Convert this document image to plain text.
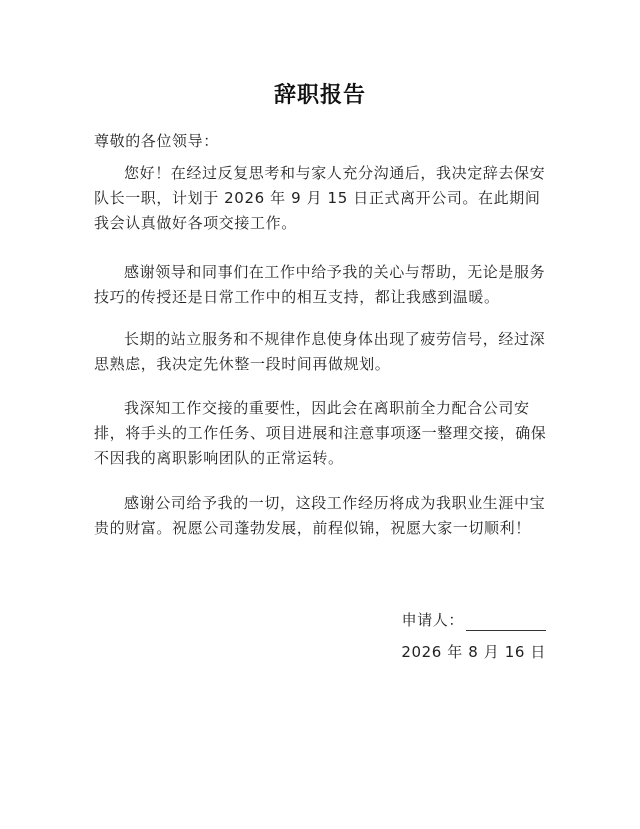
辞职报告
尊敬的各位领导：
您好！在经过反复思考和与家人充分沟通后，我决定辞去保安队长一职，计划于 2026 年 9 月 15 日正式离开公司。在此期间我会认真做好各项交接工作。
感谢领导和同事们在工作中给予我的关心与帮助，无论是服务技巧的传授还是日常工作中的相互支持，都让我感到温暖。
长期的站立服务和不规律作息使身体出现了疲劳信号，经过深思熟虑，我决定先休整一段时间再做规划。
我深知工作交接的重要性，因此会在离职前全力配合公司安排，将手头的工作任务、项目进展和注意事项逐一整理交接，确保不因我的离职影响团队的正常运转。
感谢公司给予我的一切，这段工作经历将成为我职业生涯中宝贵的财富。祝愿公司蓬勃发展，前程似锦，祝愿大家一切顺利！
申请人：
2026 年 8 月 16 日
